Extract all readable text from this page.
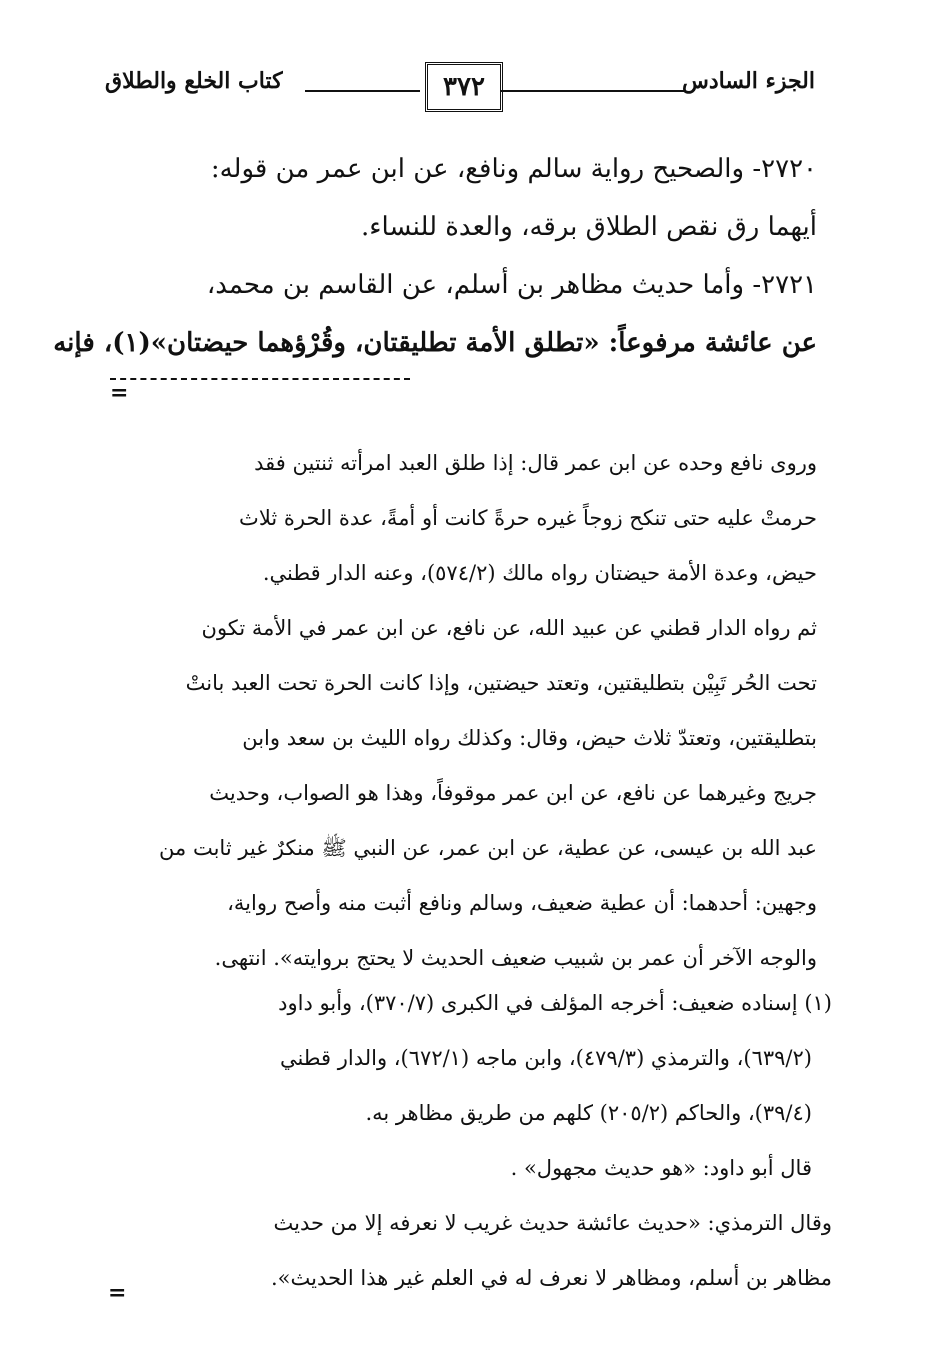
الجزء السادس
٣٧٢
كتاب الخلع والطلاق
٢٧٢٠- والصحيح رواية سالم ونافع، عن ابن عمر من قوله:
أيهما رق نقص الطلاق برقه، والعدة للنساء.
٢٧٢١- وأما حديث مظاهر بن أسلم، عن القاسم بن محمد،
عن عائشة مرفوعاً: «تطلق الأمة تطليقتان، وقُرْؤهما حيضتان»(١)، فإنه
=
وروى نافع وحده عن ابن عمر قال: إذا طلق العبد امرأته ثنتين فقد
حرمتْ عليه حتى تنكح زوجاً غيره حرةً كانت أو أمةً، عدة الحرة ثلاث
حيض، وعدة الأمة حيضتان رواه مالك (٥٧٤/٢)، وعنه الدار قطني.
ثم رواه الدار قطني عن عبيد الله، عن نافع، عن ابن عمر في الأمة تكون
تحت الحُر تَبِيْن بتطليقتين، وتعتد حيضتين، وإذا كانت الحرة تحت العبد بانتْ
بتطليقتين، وتعتدّ ثلاث حيض، وقال: وكذلك رواه الليث بن سعد وابن
جريج وغيرهما عن نافع، عن ابن عمر موقوفاً، وهذا هو الصواب، وحديث
عبد الله بن عيسى، عن عطية، عن ابن عمر، عن النبي ﷺ منكرٌ غير ثابت من
وجهين: أحدهما: أن عطية ضعيف، وسالم ونافع أثبت منه وأصح رواية،
والوجه الآخر أن عمر بن شبيب ضعيف الحديث لا يحتج بروايته». انتهى.
(١) إسناده ضعيف: أخرجه المؤلف في الكبرى (٣٧٠/٧)، وأبو داود
(٦٣٩/٢)، والترمذي (٤٧٩/٣)، وابن ماجه (٦٧٢/١)، والدار قطني
(٣٩/٤)، والحاكم (٢٠٥/٢) كلهم من طريق مظاهر به.
قال أبو داود: «هو حديث مجهول» .
وقال الترمذي: «حديث عائشة حديث غريب لا نعرفه إلا من حديث
مظاهر بن أسلم، ومظاهر لا نعرف له في العلم غير هذا الحديث».
=
